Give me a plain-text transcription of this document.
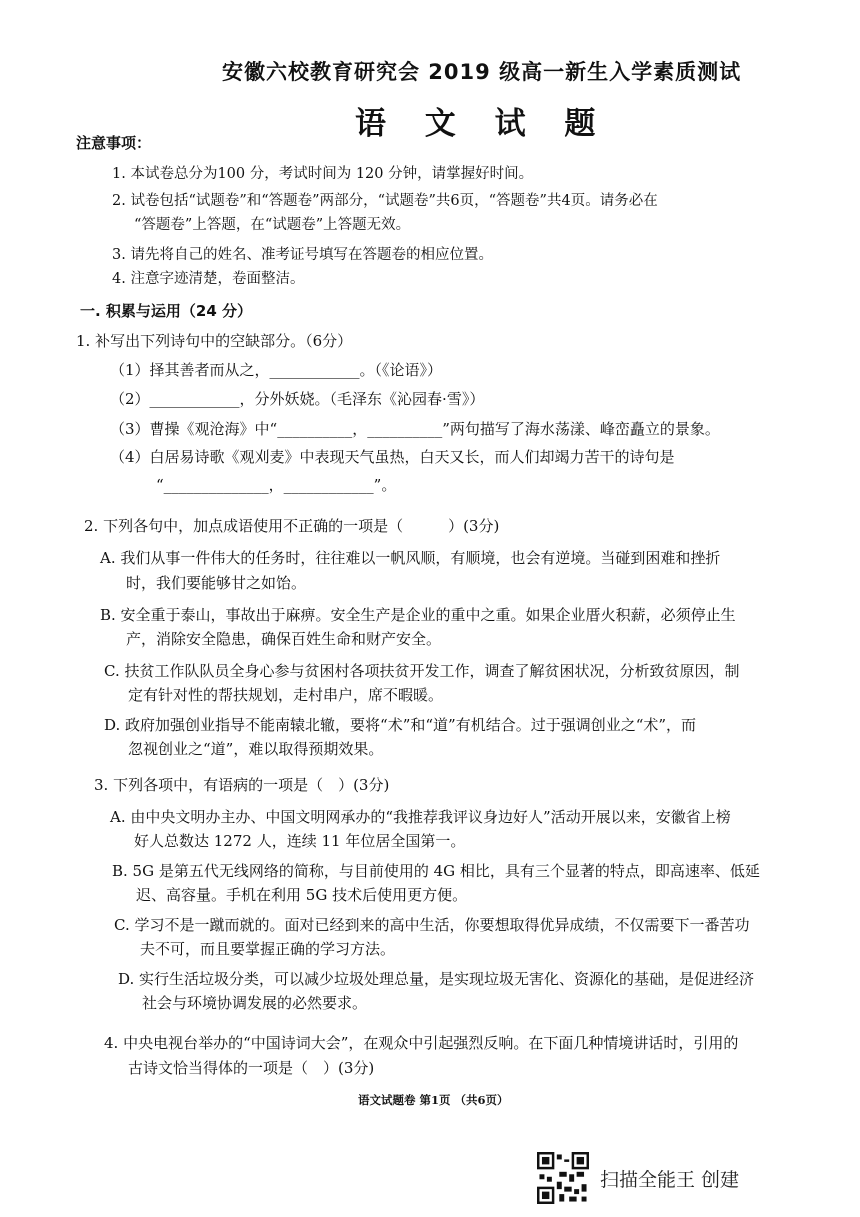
安徽六校教育研究会 2019 级高一新生入学素质测试
语 文 试 题
注意事项：
1. 本试卷总分为100 分，考试时间为 120 分钟，请掌握好时间。
2. 试卷包括“试题卷”和“答题卷”两部分，“试题卷”共6页，“答题卷”共4页。请务必在
“答题卷”上答题，在“试题卷”上答题无效。
3. 请先将自己的姓名、准考证号填写在答题卷的相应位置。
4. 注意字迹清楚，卷面整洁。
一. 积累与运用（24 分）
1. 补写出下列诗句中的空缺部分。（6分）
（1）择其善者而从之，____________。（《论语》）
（2）____________，分外妖娆。（毛泽东《沁园春·雪》）
（3）曹操《观沧海》中“__________，__________”两句描写了海水荡漾、峰峦矗立的景象。
（4）白居易诗歌《观刈麦》中表现天气虽热，白天又长，而人们却竭力苦干的诗句是
“______________，____________”。
2. 下列各句中，加点成语使用不正确的一项是（　　　）(3分)
A. 我们从事一件伟大的任务时，往往难以一帆风顺，有顺境，也会有逆境。当碰到困难和挫折
时，我们要能够甘之如饴。
B. 安全重于泰山，事故出于麻痹。安全生产是企业的重中之重。如果企业厝火积薪，必须停止生
产，消除安全隐患，确保百姓生命和财产安全。
C. 扶贫工作队队员全身心参与贫困村各项扶贫开发工作，调查了解贫困状况，分析致贫原因，制
定有针对性的帮扶规划，走村串户，席不暇暖。
D. 政府加强创业指导不能南辕北辙，要将“术”和“道”有机结合。过于强调创业之“术”，而
忽视创业之“道”，难以取得预期效果。
3. 下列各项中，有语病的一项是（　）(3分)
A. 由中央文明办主办、中国文明网承办的“我推荐我评议身边好人”活动开展以来，安徽省上榜
好人总数达 1272 人，连续 11 年位居全国第一。
B. 5G 是第五代无线网络的简称，与目前使用的 4G 相比，具有三个显著的特点，即高速率、低延
迟、高容量。手机在利用 5G 技术后使用更方便。
C. 学习不是一蹴而就的。面对已经到来的高中生活，你要想取得优异成绩，不仅需要下一番苦功
夫不可，而且要掌握正确的学习方法。
D. 实行生活垃圾分类，可以减少垃圾处理总量，是实现垃圾无害化、资源化的基础，是促进经济
社会与环境协调发展的必然要求。
4. 中央电视台举办的“中国诗词大会”，在观众中引起强烈反响。在下面几种情境讲话时，引用的
古诗文恰当得体的一项是（　）(3分)
语文试题卷 第1页 （共6页）
扫描全能王 创建
